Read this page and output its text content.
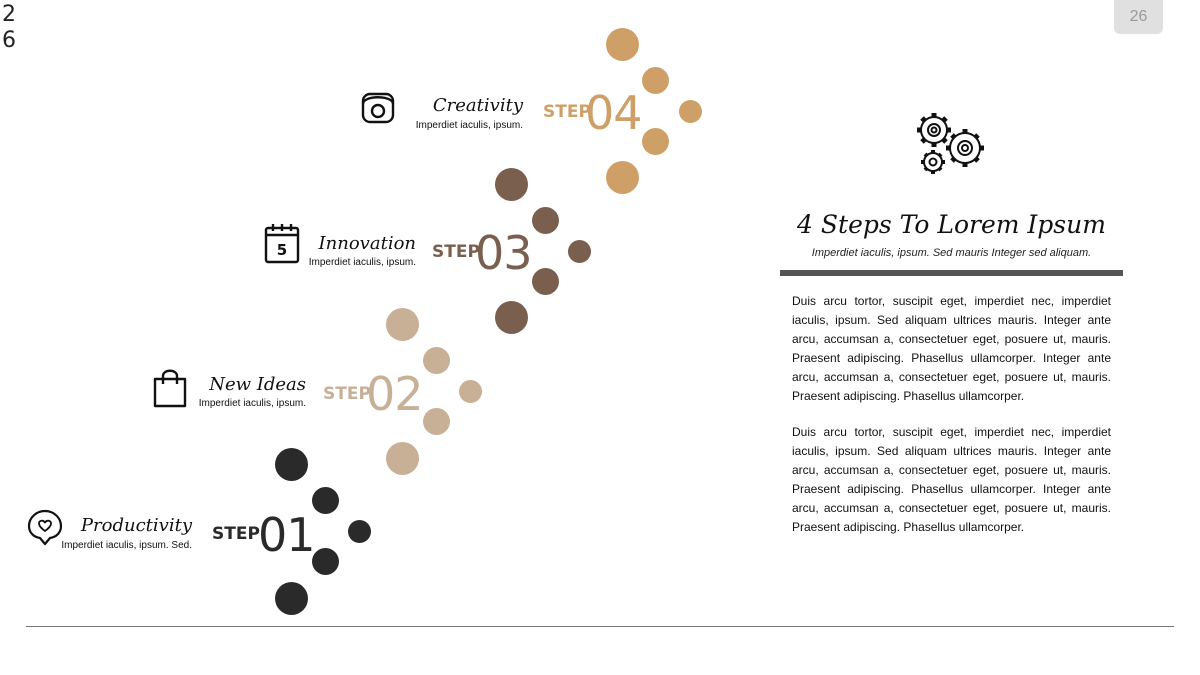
26
26
STEP
04
Creativity
Imperdiet iaculis, ipsum.
STEP
03
Innovation
Imperdiet iaculis, ipsum.
5
STEP
02
New Ideas
Imperdiet iaculis, ipsum.
STEP
01
Productivity
Imperdiet iaculis, ipsum. Sed.
4 Steps To Lorem Ipsum
Imperdiet iaculis, ipsum. Sed mauris Integer sed aliquam.

Duis arcu tortor, suscipit eget, imperdiet nec, imperdiet iaculis, ipsum. Sed aliquam ultrices mauris. Integer ante arcu, accumsan a, consectetuer eget, posuere ut, mauris. Praesent adipiscing. Phasellus ullamcorper. Integer ante arcu, accumsan a, consectetuer eget, posuere ut, mauris. Praesent adipiscing. Phasellus ullamcorper.

Duis arcu tortor, suscipit eget, imperdiet nec, imperdiet iaculis, ipsum. Sed aliquam ultrices mauris. Integer ante arcu, accumsan a, consectetuer eget, posuere ut, mauris. Praesent adipiscing. Phasellus ullamcorper. Integer ante arcu, accumsan a, consectetuer eget, posuere ut, mauris. Praesent adipiscing. Phasellus ullamcorper.
